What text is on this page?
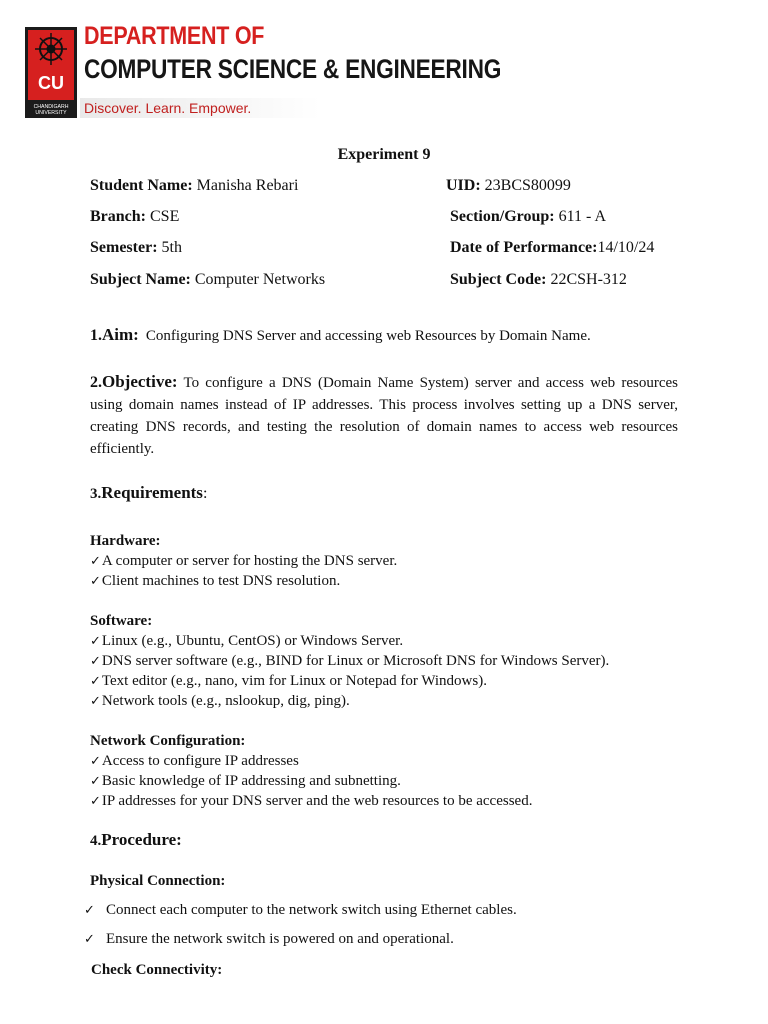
CU
CHANDIGARH
UNIVERSITY
DEPARTMENT OF
COMPUTER SCIENCE & ENGINEERING
Discover. Learn. Empower.
Experiment 9
Student Name: Manisha Rebari	UID: 23BCS80099
Branch: CSE	Section/Group: 611 - A
Semester: 5th	Date of Performance:14/10/24
Subject Name: Computer Networks	Subject Code: 22CSH-312
1.Aim: Configuring DNS Server and accessing web Resources by Domain Name.
2.Objective: To configure a DNS (Domain Name System) server and access web resources using domain names instead of IP addresses. This process involves setting up a DNS server, creating DNS records, and testing the resolution of domain names to access web resources efficiently.
3.Requirements:
Hardware:
✓A computer or server for hosting the DNS server.
✓Client machines to test DNS resolution.
Software:
✓Linux (e.g., Ubuntu, CentOS) or Windows Server.
✓DNS server software (e.g., BIND for Linux or Microsoft DNS for Windows Server).
✓Text editor (e.g., nano, vim for Linux or Notepad for Windows).
✓Network tools (e.g., nslookup, dig, ping).
Network Configuration:
✓Access to configure IP addresses
✓Basic knowledge of IP addressing and subnetting.
✓IP addresses for your DNS server and the web resources to be accessed.
4.Procedure:
Physical Connection:
✓ Connect each computer to the network switch using Ethernet cables.
✓ Ensure the network switch is powered on and operational.
Check Connectivity:
